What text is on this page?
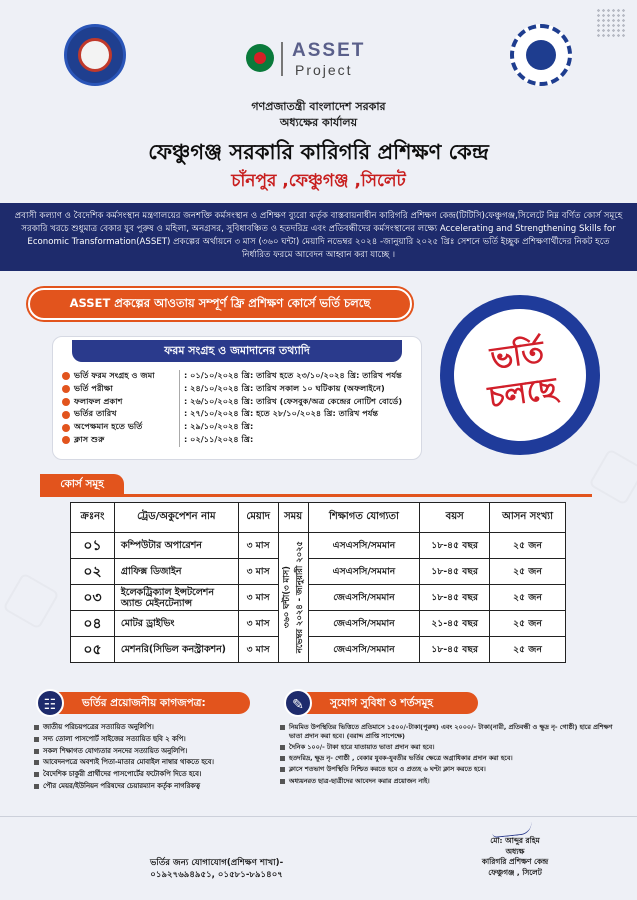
ASSET
Project
গণপ্রজাতন্ত্রী বাংলাদেশ সরকার
অধ্যক্ষের কার্যালয়
ফেঞ্চুগঞ্জ সরকারি কারিগরি প্রশিক্ষণ কেন্দ্র
চাঁনপুর ,ফেঞ্চুগঞ্জ ,সিলেট

প্রবাসী কল্যাণ ও বৈদেশিক কর্মসংস্থান মন্ত্রণালয়ের জনশক্তি কর্মসংস্থান ও প্রশিক্ষণ ব্যুরো কর্তৃক বাস্তবায়নাধীন কারিগরি প্রশিক্ষণ কেন্দ্র(টিটিসি)ফেঞ্চুগঞ্জ,সিলেটে নিম্ন বর্ণিত কোর্স সমূহে সরকারি খরচে শুধুমাত্র বেকার যুব পুরুষ ও মহিলা, অনগ্রসর, সুবিধাবঞ্চিত ও হতদরিদ্র এবং প্রতিবন্ধীদের কর্মসংস্থানের লক্ষ্যে Accelerating and Strengthening Skills for Economic Transformation(ASSET) প্রকল্পের অর্থায়নে ৩ মাস (৩৬০ ঘন্টা) মেয়াদি নভেম্বর ২০২৪ -জানুয়ারি ২০২৫ খ্রিঃ সেশনে ভর্তি ইচ্ছুক প্রশিক্ষণার্থীদের নিকট হতে নির্ধারিত ফরমে আবেদন আহ্বান করা যাচ্ছে ।

ASSET প্রকল্পের আওতায় সম্পূর্ণ ফ্রি প্রশিক্ষণ কোর্সে ভর্তি চলছে
ভর্তি
চলছে
ফরম সংগ্রহ ও জমাদানের তথ্যাদি
ভর্তি ফরম সংগ্রহ ও জমা	: ০১/১০/২০২৪ খ্রি: তারিখ হতে ২৩/১০/২০২৪ খ্রি: তারিখ পর্যন্ত
ভর্তি পরীক্ষা	: ২৪/১০/২০২৪ খ্রি: তারিখ সকাল ১০ ঘটিকায় (অফলাইনে)
ফলাফল প্রকাশ	: ২৬/১০/২০২৪ খ্রি: তারিখ (ফেসবুক/অত্র কেন্দ্রের নোটিশ বোর্ডে)
ভর্তির তারিখ	: ২৭/১০/২০২৪ খ্রি: হতে ২৮/১০/২০২৪ খ্রি: তারিখ পর্যন্ত
অপেক্ষমান হতে ভর্তি	: ২৯/১০/২০২৪ খ্রি:
ক্লাস শুরু	: ০২/১১/২০২৪ খ্রি:
কোর্স সমূহ
ক্রঃনং	ট্রেড/অকুপেশন নাম	মেয়াদ	সময়	শিক্ষাগত যোগ্যতা	বয়স	আসন সংখ্যা
০১	কম্পিউটার অপারেশন	৩ মাস	৩৬০ ঘন্টা(৩ মাস) নভেম্বর ২০২৪ - জানুয়ারী ২০২৫	এসএসসি/সমমান	১৮-৪৫ বছর	২৫ জন
০২	গ্রাফিক্স ডিজাইন	৩ মাস		এসএসসি/সমমান	১৮-৪৫ বছর	২৫ জন
০৩	ইলেকট্রিক্যাল ইন্সটলেশন অ্যান্ড মেইনটেন্যান্স	৩ মাস		জেএসসি/সমমান	১৮-৪৫ বছর	২৫ জন
০৪	মোটর ড্রাইভিং	৩ মাস		জেএসসি/সমমান	২১-৪৫ বছর	২৫ জন
০৫	মেশনরি(সিভিল কনস্ট্রাকশন)	৩ মাস		জেএসসি/সমমান	১৮-৪৫ বছর	২৫ জন
ভর্তির প্রয়োজনীয় কাগজপত্র:
☷
জাতীয় পরিচয়পত্রের সত্যায়িত অনুলিপি।
সদ্য তোলা পাসপোর্ট সাইজের সত্যায়িত ছবি ২ কপি।
সকল শিক্ষাগত যোগ্যতার সনদের সত্যায়িত অনুলিপি।
আবেদনপত্রে অবশ্যই পিতা-মাতার মোবাইল নাম্বার থাকতে হবে।
বৈদেশিক চাকুরী প্রার্থীদের পাসপোর্টের ফটোকপি দিতে হবে।
পৌর মেয়র/ইউনিয়ন পরিষদের চেয়ারম্যান কর্তৃক নাগরিকত্ব
সুযোগ সুবিধা ও শর্তসমূহ
✎
নিয়মিত উপস্থিতির ভিত্তিতে প্রতিমাসে ১৫০০/-টাকা(পুরুষ) এবং ২০০০/- টাকা(নারী, প্রতিবন্ধী ও ক্ষুদ্র নৃ- গোষ্ঠী) হারে প্রশিক্ষণ ভাতা প্রদান করা হবে। (বরাদ্দ প্রাপ্তি সাপেক্ষে)
দৈনিক ১০০/- টাকা হারে যাতায়াত ভাতা প্রদান করা হবে।
হতদরিদ্র, ক্ষুদ্র নৃ- গোষ্ঠী , বেকার যুবক-যুবতীর ভর্তির ক্ষেত্রে অগ্রাধিকার প্রদান করা হবে।
ক্লাসে শতভাগ উপস্থিতি নিশ্চিত করতে হবে ও প্রত্যহ ৬ ঘণ্টা ক্লাস করতে হবে।
অধ্যয়নরত ছাত্র-ছাত্রীদের আবেদন করার প্রয়োজন নাই।
ভর্তির জন্য যোগাযোগ(প্রশিক্ষণ শাখা)-
০১৯২৭৬৯৪৯৫১, ০১৫৮১-৮৯১৪০৭
মো: আব্দুর রহিম
অধ্যক্ষ
কারিগরি প্রশিক্ষণ কেন্দ্র
ফেঞ্চুগঞ্জ , সিলেট
